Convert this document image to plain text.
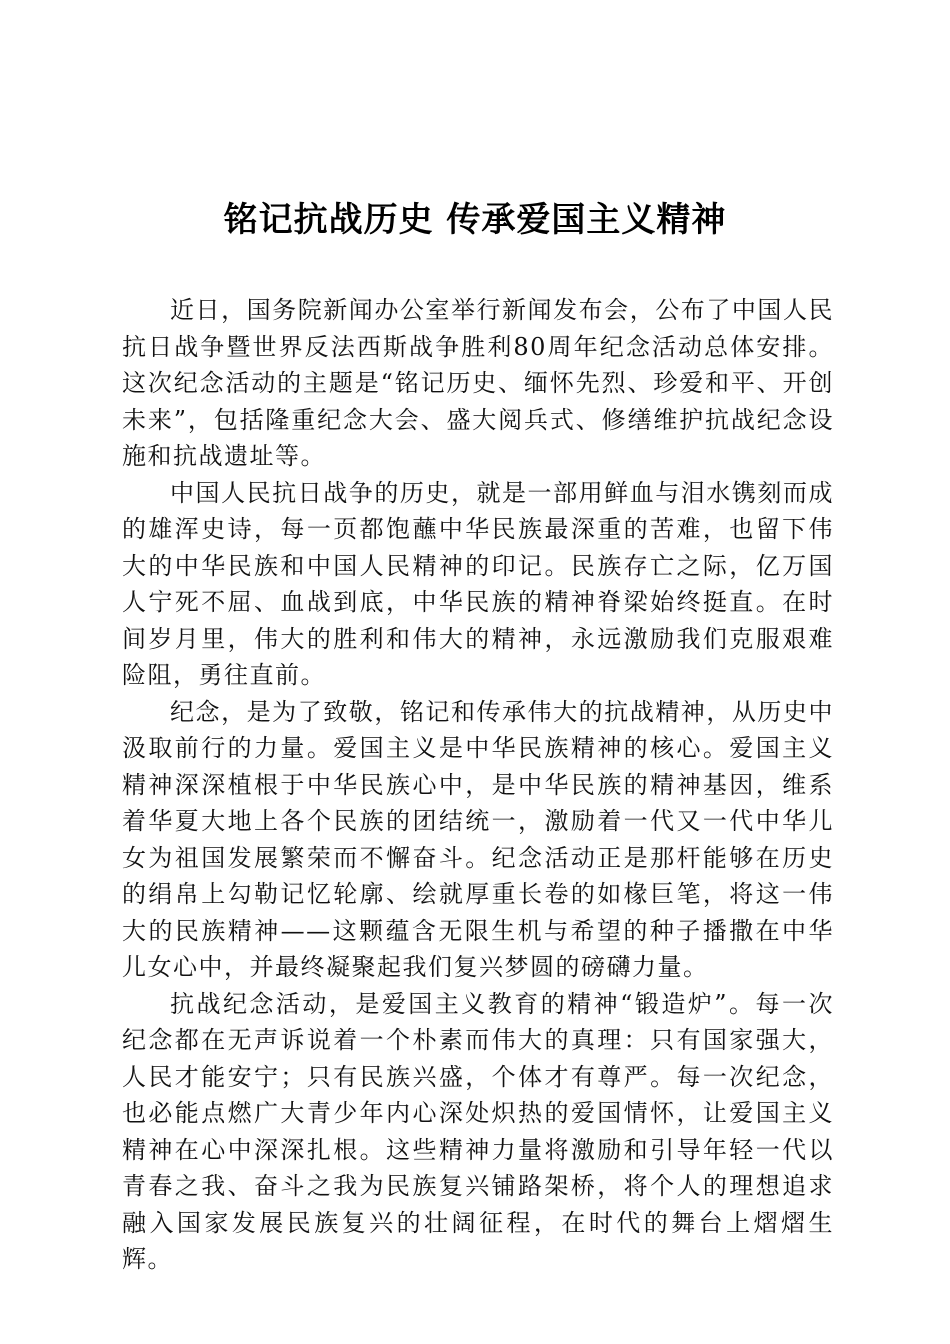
铭记抗战历史 传承爱国主义精神

近日，国务院新闻办公室举行新闻发布会，公布了中国人民抗日战争暨世界反法西斯战争胜利80周年纪念活动总体安排。这次纪念活动的主题是“铭记历史、缅怀先烈、珍爱和平、开创未来”，包括隆重纪念大会、盛大阅兵式、修缮维护抗战纪念设施和抗战遗址等。

中国人民抗日战争的历史，就是一部用鲜血与泪水镌刻而成的雄浑史诗，每一页都饱蘸中华民族最深重的苦难，也留下伟大的中华民族和中国人民精神的印记。民族存亡之际，亿万国人宁死不屈、血战到底，中华民族的精神脊梁始终挺直。在时间岁月里，伟大的胜利和伟大的精神，永远激励我们克服艰难险阻，勇往直前。

纪念，是为了致敬，铭记和传承伟大的抗战精神，从历史中汲取前行的力量。爱国主义是中华民族精神的核心。爱国主义精神深深植根于中华民族心中，是中华民族的精神基因，维系着华夏大地上各个民族的团结统一，激励着一代又一代中华儿女为祖国发展繁荣而不懈奋斗。纪念活动正是那杆能够在历史的绢帛上勾勒记忆轮廓、绘就厚重长卷的如椽巨笔，将这一伟大的民族精神——这颗蕴含无限生机与希望的种子播撒在中华儿女心中，并最终凝聚起我们复兴梦圆的磅礴力量。

抗战纪念活动，是爱国主义教育的精神“锻造炉”。每一次纪念都在无声诉说着一个朴素而伟大的真理：只有国家强大，人民才能安宁；只有民族兴盛，个体才有尊严。每一次纪念，也必能点燃广大青少年内心深处炽热的爱国情怀，让爱国主义精神在心中深深扎根。这些精神力量将激励和引导年轻一代以青春之我、奋斗之我为民族复兴铺路架桥，将个人的理想追求融入国家发展民族复兴的壮阔征程，在时代的舞台上熠熠生辉。
